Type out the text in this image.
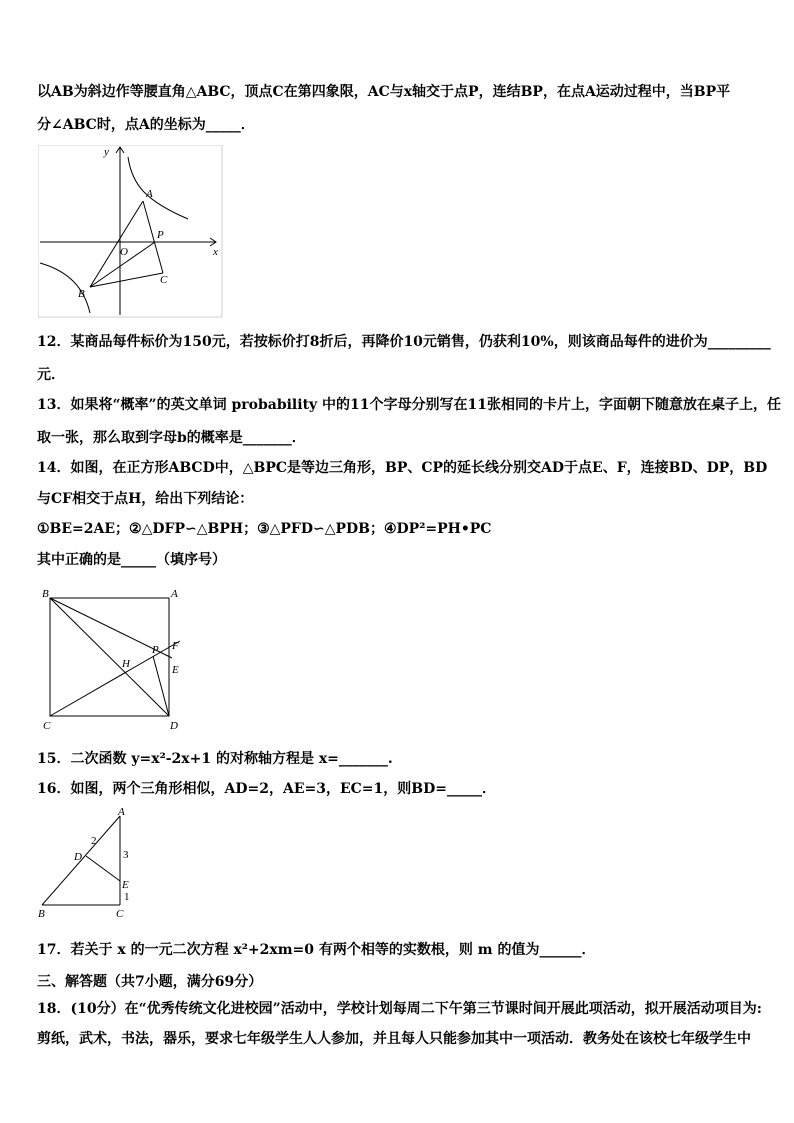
以AB为斜边作等腰直角△ABC，顶点C在第四象限，AC与x轴交于点P，连结BP，在点A运动过程中，当BP平
分∠ABC时，点A的坐标为_____．
y
x
O
A
P
B
C
12．某商品每件标价为150元，若按标价打8折后，再降价10元销售，仍获利10%，则该商品每件的进价为_________
元．
13．如果将“概率”的英文单词 probability 中的11个字母分别写在11张相同的卡片上，字面朝下随意放在桌子上，任
取一张，那么取到字母b的概率是_______．
14．如图，在正方形ABCD中，△BPC是等边三角形，BP、CP的延长线分别交AD于点E、F，连接BD、DP，BD
与CF相交于点H，给出下列结论：
①BE=2AE；②△DFP∽△BPH；③△PFD∽△PDB；④DP²=PH•PC
其中正确的是_____（填序号）
B	A
P F
H	E
C	D
15．二次函数 y=x²-2x+1 的对称轴方程是 x=_______.
16．如图，两个三角形相似，AD=2，AE=3，EC=1，则BD=_____．
A
D
E
B	C
2
3
1
17．若关于 x 的一元二次方程 x²+2xm=0 有两个相等的实数根，则 m 的值为______．
三、解答题（共7小题，满分69分）
18．(10分）在“优秀传统文化进校园”活动中，学校计划每周二下午第三节课时间开展此项活动，拟开展活动项目为:
剪纸，武术，书法，器乐，要求七年级学生人人参加，并且每人只能参加其中一项活动．教务处在该校七年级学生中
